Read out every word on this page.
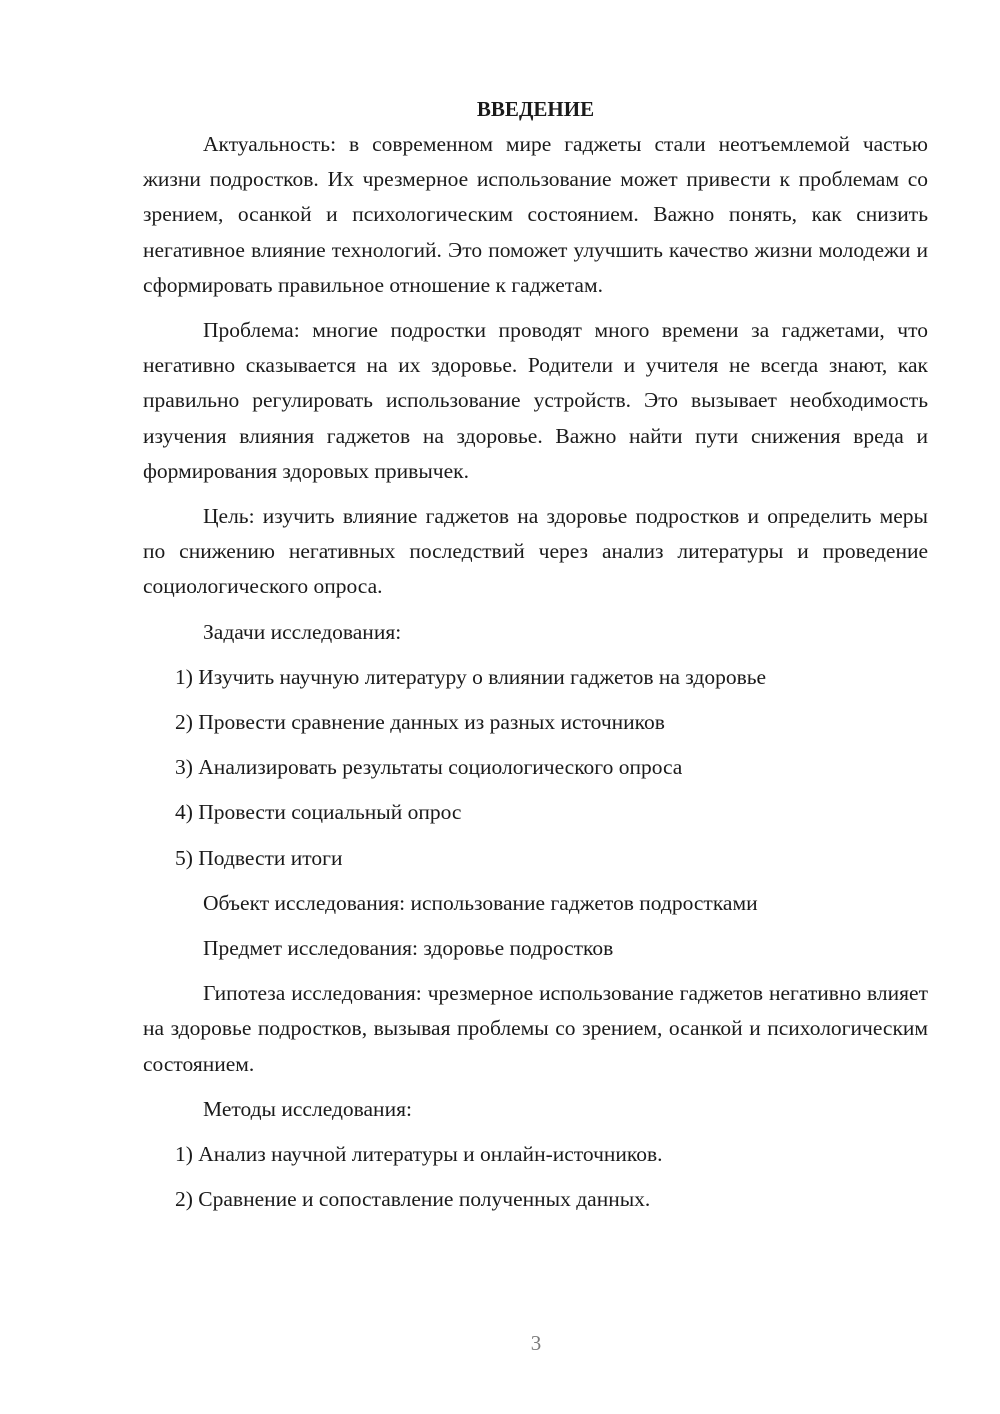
ВВЕДЕНИЕ

Актуальность: в современном мире гаджеты стали неотъемлемой частью жизни подростков. Их чрезмерное использование может привести к проблемам со зрением, осанкой и психологическим состоянием. Важно понять, как снизить негативное влияние технологий. Это поможет улучшить качество жизни молодежи и сформировать правильное отношение к гаджетам.

Проблема: многие подростки проводят много времени за гаджетами, что негативно сказывается на их здоровье. Родители и учителя не всегда знают, как правильно регулировать использование устройств. Это вызывает необходимость изучения влияния гаджетов на здоровье. Важно найти пути снижения вреда и формирования здоровых привычек.

Цель: изучить влияние гаджетов на здоровье подростков и определить меры по снижению негативных последствий через анализ литературы и проведение социологического опроса.

Задачи исследования:

1) Изучить научную литературу о влиянии гаджетов на здоровье

2) Провести сравнение данных из разных источников

3) Анализировать результаты социологического опроса

4) Провести социальный опрос

5) Подвести итоги

Объект исследования: использование гаджетов подростками

Предмет исследования: здоровье подростков

Гипотеза исследования: чрезмерное использование гаджетов негативно влияет на здоровье подростков, вызывая проблемы со зрением, осанкой и психологическим состоянием.

Методы исследования:

1) Анализ научной литературы и онлайн-источников.

2) Сравнение и сопоставление полученных данных.

3
